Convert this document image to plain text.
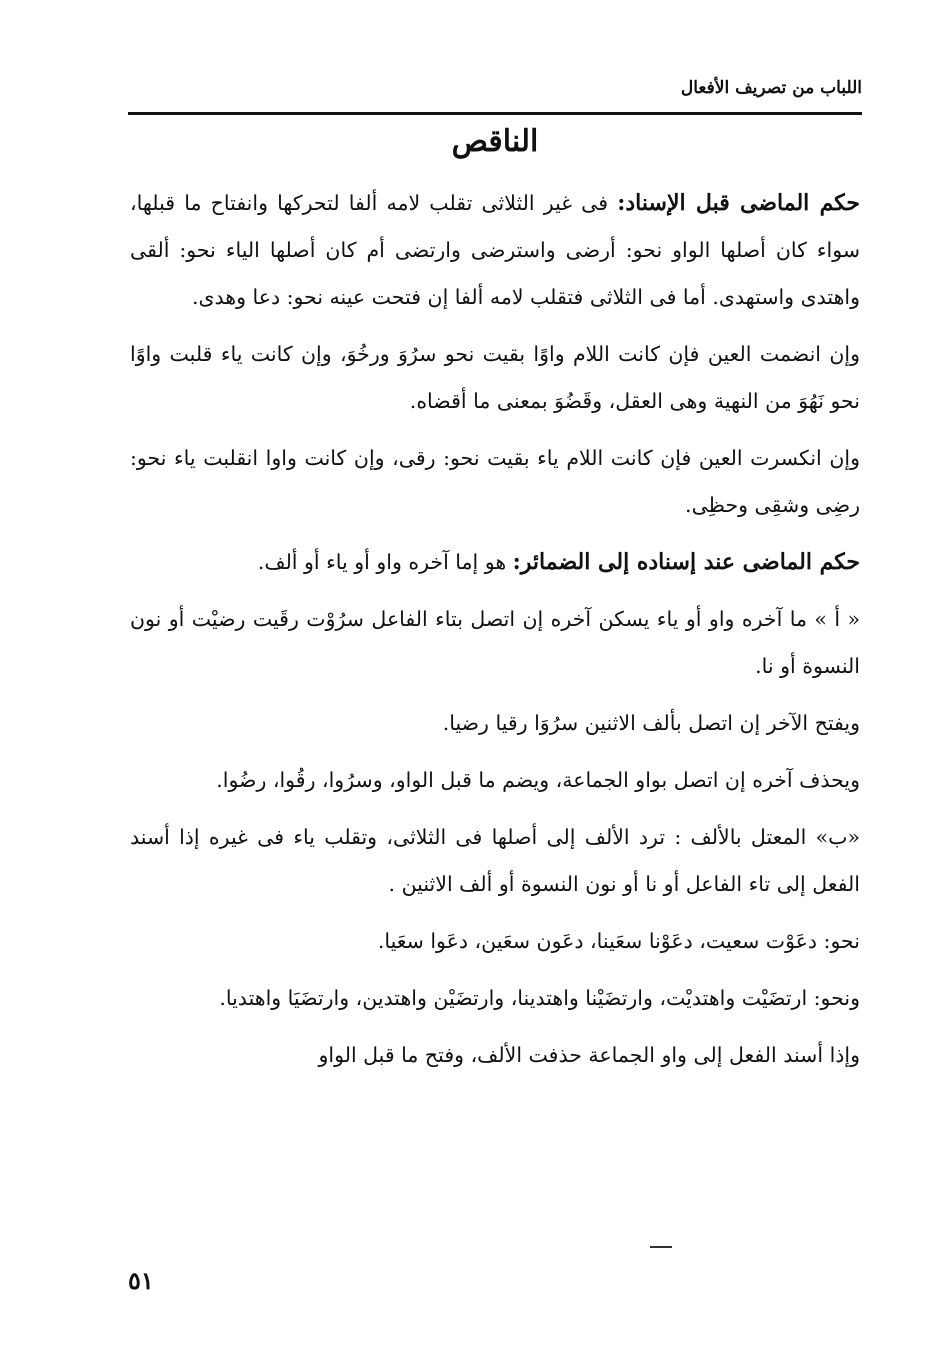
اللباب من تصريف الأفعال
الناقص

حكم الماضى قبل الإسناد: فى غير الثلاثى تقلب لامه ألفا لتحركها وانفتاح ما قبلها، سواء كان أصلها الواو نحو: أرضى واسترضى وارتضى أم كان أصلها الياء نحو: ألقى واهتدى واستهدى. أما فى الثلاثى فتقلب لامه ألفا إن فتحت عينه نحو: دعا وهدى.

وإن انضمت العين فإن كانت اللام واوًا بقيت نحو سرُوَ ورخُوَ، وإن كانت ياء قلبت واوًا نحو نَهُوَ من النهية وهى العقل، وقَضُوَ بمعنى ما أقضاه.

وإن انكسرت العين فإن كانت اللام ياء بقيت نحو: رقى، وإن كانت واوا انقلبت ياء نحو: رضِى وشقِى وحظِى.

حكم الماضى عند إسناده إلى الضمائر: هو إما آخره واو أو ياء أو ألف.

« أ » ما آخره واو أو ياء يسكن آخره إن اتصل بتاء الفاعل سرُوْت رقَيت رضيْت أو نون النسوة أو نا.

ويفتح الآخر إن اتصل بألف الاثنين سرُوَا رقيا رضيا.

ويحذف آخره إن اتصل بواو الجماعة، ويضم ما قبل الواو، وسرُوا، رقُوا، رضُوا.

«ب» المعتل بالألف : ترد الألف إلى أصلها فى الثلاثى، وتقلب ياء فى غيره إذا أسند الفعل إلى تاء الفاعل أو نا أو نون النسوة أو ألف الاثنين .

نحو: دعَوْت سعيت، دعَوْنا سعَينا، دعَون سعَين، دعَوا سعَيا.

ونحو: ارتضَيْت واهتديْت، وارتضَيْنا واهتدينا، وارتضَيْن واهتدين، وارتضَيَا واهتديا.

وإذا أسند الفعل إلى واو الجماعة حذفت الألف، وفتح ما قبل الواو

٥١
